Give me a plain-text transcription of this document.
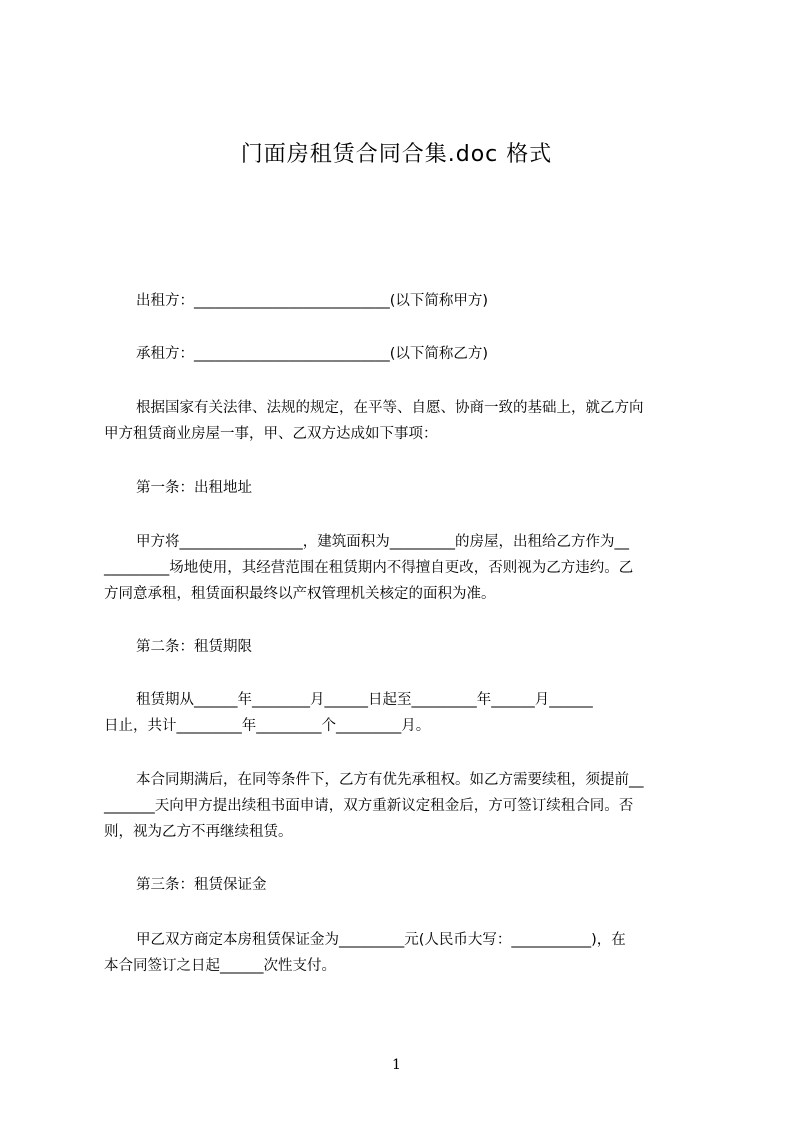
门面房租赁合同合集.doc 格式

出租方：___________________________(以下简称甲方)

承租方：___________________________(以下简称乙方)

根据国家有关法律、法规的规定，在平等、自愿、协商一致的基础上，就乙方向
甲方租赁商业房屋一事，甲、乙双方达成如下事项：

第一条：出租地址

甲方将_________________，建筑面积为_________的房屋，出租给乙方作为__
_________场地使用，其经营范围在租赁期内不得擅自更改，否则视为乙方违约。乙
方同意承租，租赁面积最终以产权管理机关核定的面积为准。

第二条：租赁期限

租赁期从______年________月______日起至_________年______月______
日止，共计_________年_________个_________月。
本合同期满后，在同等条件下，乙方有优先承租权。如乙方需要续租，须提前__
_______天向甲方提出续租书面申请，双方重新议定租金后，方可签订续租合同。否
则，视为乙方不再继续租赁。

第三条：租赁保证金

甲乙双方商定本房租赁保证金为_________元(人民币大写：___________)，在
本合同签订之日起______次性支付。
1
